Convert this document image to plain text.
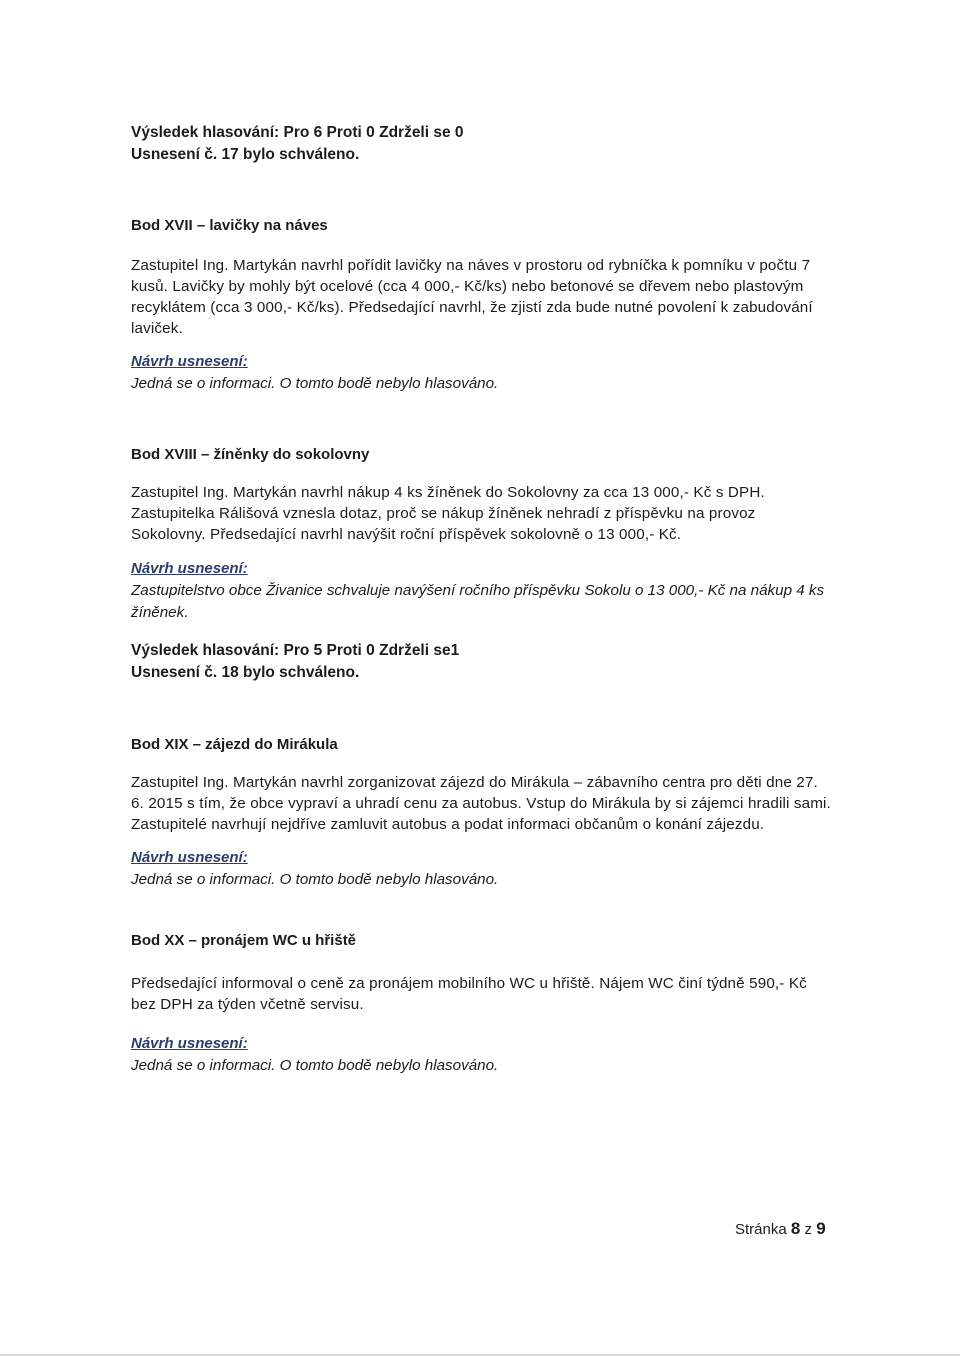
Výsledek hlasování: Pro 6 Proti 0 Zdrželi se 0

Usnesení č. 17 bylo schváleno.

Bod XVII – lavičky na náves

Zastupitel Ing. Martykán navrhl pořídit lavičky na náves v prostoru od rybníčka k pomníku v počtu 7 kusů. Lavičky by mohly být ocelové (cca 4 000,- Kč/ks) nebo betonové se dřevem nebo plastovým recyklátem (cca 3 000,- Kč/ks). Předsedající navrhl, že zjistí zda bude nutné povolení k zabudování laviček.

Návrh usnesení:

Jedná se o informaci. O tomto bodě nebylo hlasováno.

Bod XVIII – žíněnky do sokolovny

Zastupitel Ing. Martykán navrhl nákup 4 ks žíněnek do Sokolovny za cca 13 000,- Kč s DPH. Zastupitelka Rálišová vznesla dotaz, proč se nákup žíněnek nehradí z příspěvku na provoz Sokolovny. Předsedající navrhl navýšit roční příspěvek sokolovně o 13 000,- Kč.

Návrh usnesení:

Zastupitelstvo obce Živanice schvaluje navýšení ročního příspěvku Sokolu o 13 000,- Kč na nákup 4 ks žíněnek.

Výsledek hlasování: Pro 5 Proti 0 Zdrželi se1

Usnesení č. 18 bylo schváleno.

Bod XIX – zájezd do Mirákula

Zastupitel Ing. Martykán navrhl zorganizovat zájezd do Mirákula – zábavního centra pro děti dne 27. 6. 2015 s tím, že obce vypraví a uhradí cenu za autobus. Vstup do Mirákula by si zájemci hradili sami. Zastupitelé navrhují nejdříve zamluvit autobus a podat informaci občanům o konání zájezdu.

Návrh usnesení:

Jedná se o informaci. O tomto bodě nebylo hlasováno.

Bod XX – pronájem WC u hřiště

Předsedající informoval o ceně za pronájem mobilního WC u hřiště. Nájem WC činí týdně 590,- Kč bez DPH za týden včetně servisu.

Návrh usnesení:

Jedná se o informaci. O tomto bodě nebylo hlasováno.

Stránka 8 z 9
